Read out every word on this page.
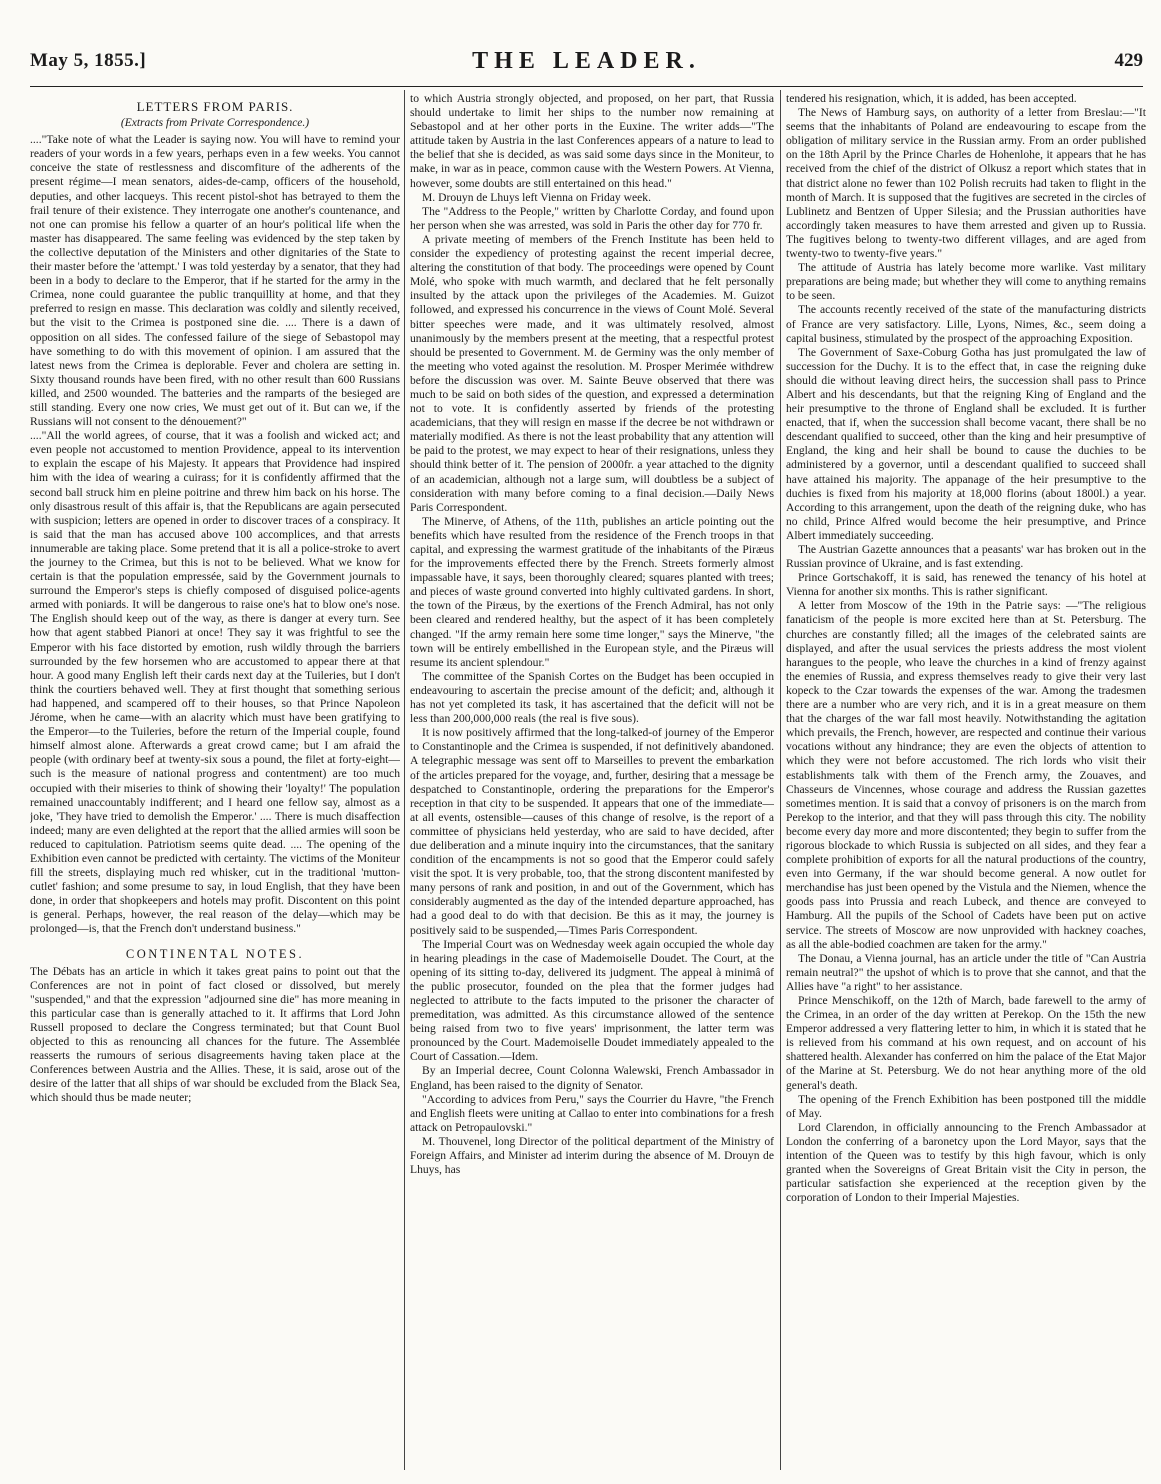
May 5, 1855.]	THE LEADER.	429
LETTERS FROM PARIS.
(Extracts from Private Correspondence.)

...."Take note of what the Leader is saying now. You will have to remind your readers of your words in a few years, perhaps even in a few weeks. You cannot conceive the state of restlessness and discomfiture of the adherents of the present régime—I mean senators, aides-de-camp, officers of the household, deputies, and other lacqueys. This recent pistol-shot has betrayed to them the frail tenure of their existence. They interrogate one another's countenance, and not one can promise his fellow a quarter of an hour's political life when the master has disappeared. The same feeling was evidenced by the step taken by the collective deputation of the Ministers and other dignitaries of the State to their master before the 'attempt.' I was told yesterday by a senator, that they had been in a body to declare to the Emperor, that if he started for the army in the Crimea, none could guarantee the public tranquillity at home, and that they preferred to resign en masse. This declaration was coldly and silently received, but the visit to the Crimea is postponed sine die. .... There is a dawn of opposition on all sides. The confessed failure of the siege of Sebastopol may have something to do with this movement of opinion. I am assured that the latest news from the Crimea is deplorable. Fever and cholera are setting in. Sixty thousand rounds have been fired, with no other result than 600 Russians killed, and 2500 wounded. The batteries and the ramparts of the besieged are still standing. Every one now cries, We must get out of it. But can we, if the Russians will not consent to the dénouement?"

...."All the world agrees, of course, that it was a foolish and wicked act; and even people not accustomed to mention Providence, appeal to its intervention to explain the escape of his Majesty. It appears that Providence had inspired him with the idea of wearing a cuirass; for it is confidently affirmed that the second ball struck him en pleine poitrine and threw him back on his horse. The only disastrous result of this affair is, that the Republicans are again persecuted with suspicion; letters are opened in order to discover traces of a conspiracy. It is said that the man has accused above 100 accomplices, and that arrests innumerable are taking place. Some pretend that it is all a police-stroke to avert the journey to the Crimea, but this is not to be believed. What we know for certain is that the population empressée, said by the Government journals to surround the Emperor's steps is chiefly composed of disguised police-agents armed with poniards. It will be dangerous to raise one's hat to blow one's nose. The English should keep out of the way, as there is danger at every turn. See how that agent stabbed Pianori at once! They say it was frightful to see the Emperor with his face distorted by emotion, rush wildly through the barriers surrounded by the few horsemen who are accustomed to appear there at that hour. A good many English left their cards next day at the Tuileries, but I don't think the courtiers behaved well. They at first thought that something serious had happened, and scampered off to their houses, so that Prince Napoleon Jérome, when he came—with an alacrity which must have been gratifying to the Emperor—to the Tuileries, before the return of the Imperial couple, found himself almost alone. Afterwards a great crowd came; but I am afraid the people (with ordinary beef at twenty-six sous a pound, the filet at forty-eight—such is the measure of national progress and contentment) are too much occupied with their miseries to think of showing their 'loyalty!' The population remained unaccountably indifferent; and I heard one fellow say, almost as a joke, 'They have tried to demolish the Emperor.' .... There is much disaffection indeed; many are even delighted at the report that the allied armies will soon be reduced to capitulation. Patriotism seems quite dead. .... The opening of the Exhibition even cannot be predicted with certainty. The victims of the Moniteur fill the streets, displaying much red whisker, cut in the traditional 'mutton-cutlet' fashion; and some presume to say, in loud English, that they have been done, in order that shopkeepers and hotels may profit. Discontent on this point is general. Perhaps, however, the real reason of the delay—which may be prolonged—is, that the French don't understand business."

CONTINENTAL NOTES.

The Débats has an article in which it takes great pains to point out that the Conferences are not in point of fact closed or dissolved, but merely "suspended," and that the expression "adjourned sine die" has more meaning in this particular case than is generally attached to it. It affirms that Lord John Russell proposed to declare the Congress terminated; but that Count Buol objected to this as renouncing all chances for the future. The Assemblée reasserts the rumours of serious disagreements having taken place at the Conferences between Austria and the Allies. These, it is said, arose out of the desire of the latter that all ships of war should be excluded from the Black Sea, which should thus be made neuter;

to which Austria strongly objected, and proposed, on her part, that Russia should undertake to limit her ships to the number now remaining at Sebastopol and at her other ports in the Euxine. The writer adds—"The attitude taken by Austria in the last Conferences appears of a nature to lead to the belief that she is decided, as was said some days since in the Moniteur, to make, in war as in peace, common cause with the Western Powers. At Vienna, however, some doubts are still entertained on this head."

M. Drouyn de Lhuys left Vienna on Friday week.

The "Address to the People," written by Charlotte Corday, and found upon her person when she was arrested, was sold in Paris the other day for 770 fr.

A private meeting of members of the French Institute has been held to consider the expediency of protesting against the recent imperial decree, altering the constitution of that body. The proceedings were opened by Count Molé, who spoke with much warmth, and declared that he felt personally insulted by the attack upon the privileges of the Academies. M. Guizot followed, and expressed his concurrence in the views of Count Molé. Several bitter speeches were made, and it was ultimately resolved, almost unanimously by the members present at the meeting, that a respectful protest should be presented to Government. M. de Germiny was the only member of the meeting who voted against the resolution. M. Prosper Merimée withdrew before the discussion was over. M. Sainte Beuve observed that there was much to be said on both sides of the question, and expressed a determination not to vote. It is confidently asserted by friends of the protesting academicians, that they will resign en masse if the decree be not withdrawn or materially modified. As there is not the least probability that any attention will be paid to the protest, we may expect to hear of their resignations, unless they should think better of it. The pension of 2000fr. a year attached to the dignity of an academician, although not a large sum, will doubtless be a subject of consideration with many before coming to a final decision.—Daily News Paris Correspondent.

The Minerve, of Athens, of the 11th, publishes an article pointing out the benefits which have resulted from the residence of the French troops in that capital, and expressing the warmest gratitude of the inhabitants of the Piræus for the improvements effected there by the French. Streets formerly almost impassable have, it says, been thoroughly cleared; squares planted with trees; and pieces of waste ground converted into highly cultivated gardens. In short, the town of the Piræus, by the exertions of the French Admiral, has not only been cleared and rendered healthy, but the aspect of it has been completely changed. "If the army remain here some time longer," says the Minerve, "the town will be entirely embellished in the European style, and the Piræus will resume its ancient splendour."

The committee of the Spanish Cortes on the Budget has been occupied in endeavouring to ascertain the precise amount of the deficit; and, although it has not yet completed its task, it has ascertained that the deficit will not be less than 200,000,000 reals (the real is five sous).

It is now positively affirmed that the long-talked-of journey of the Emperor to Constantinople and the Crimea is suspended, if not definitively abandoned. A telegraphic message was sent off to Marseilles to prevent the embarkation of the articles prepared for the voyage, and, further, desiring that a message be despatched to Constantinople, ordering the preparations for the Emperor's reception in that city to be suspended. It appears that one of the immediate—at all events, ostensible—causes of this change of resolve, is the report of a committee of physicians held yesterday, who are said to have decided, after due deliberation and a minute inquiry into the circumstances, that the sanitary condition of the encampments is not so good that the Emperor could safely visit the spot. It is very probable, too, that the strong discontent manifested by many persons of rank and position, in and out of the Government, which has considerably augmented as the day of the intended departure approached, has had a good deal to do with that decision. Be this as it may, the journey is positively said to be suspended,—Times Paris Correspondent.

The Imperial Court was on Wednesday week again occupied the whole day in hearing pleadings in the case of Mademoiselle Doudet. The Court, at the opening of its sitting to-day, delivered its judgment. The appeal à minimâ of the public prosecutor, founded on the plea that the former judges had neglected to attribute to the facts imputed to the prisoner the character of premeditation, was admitted. As this circumstance allowed of the sentence being raised from two to five years' imprisonment, the latter term was pronounced by the Court. Mademoiselle Doudet immediately appealed to the Court of Cassation.—Idem.

By an Imperial decree, Count Colonna Walewski, French Ambassador in England, has been raised to the dignity of Senator.

"According to advices from Peru," says the Courrier du Havre, "the French and English fleets were uniting at Callao to enter into combinations for a fresh attack on Petropaulovski."

M. Thouvenel, long Director of the political department of the Ministry of Foreign Affairs, and Minister ad interim during the absence of M. Drouyn de Lhuys, has

tendered his resignation, which, it is added, has been accepted.

The News of Hamburg says, on authority of a letter from Breslau:—"It seems that the inhabitants of Poland are endeavouring to escape from the obligation of military service in the Russian army. From an order published on the 18th April by the Prince Charles de Hohenlohe, it appears that he has received from the chief of the district of Olkusz a report which states that in that district alone no fewer than 102 Polish recruits had taken to flight in the month of March. It is supposed that the fugitives are secreted in the circles of Lublinetz and Bentzen of Upper Silesia; and the Prussian authorities have accordingly taken measures to have them arrested and given up to Russia. The fugitives belong to twenty-two different villages, and are aged from twenty-two to twenty-five years."

The attitude of Austria has lately become more warlike. Vast military preparations are being made; but whether they will come to anything remains to be seen.

The accounts recently received of the state of the manufacturing districts of France are very satisfactory. Lille, Lyons, Nimes, &c., seem doing a capital business, stimulated by the prospect of the approaching Exposition.

The Government of Saxe-Coburg Gotha has just promulgated the law of succession for the Duchy. It is to the effect that, in case the reigning duke should die without leaving direct heirs, the succession shall pass to Prince Albert and his descendants, but that the reigning King of England and the heir presumptive to the throne of England shall be excluded. It is further enacted, that if, when the succession shall become vacant, there shall be no descendant qualified to succeed, other than the king and heir presumptive of England, the king and heir shall be bound to cause the duchies to be administered by a governor, until a descendant qualified to succeed shall have attained his majority. The appanage of the heir presumptive to the duchies is fixed from his majority at 18,000 florins (about 1800l.) a year. According to this arrangement, upon the death of the reigning duke, who has no child, Prince Alfred would become the heir presumptive, and Prince Albert immediately succeeding.

The Austrian Gazette announces that a peasants' war has broken out in the Russian province of Ukraine, and is fast extending.

Prince Gortschakoff, it is said, has renewed the tenancy of his hotel at Vienna for another six months. This is rather significant.

A letter from Moscow of the 19th in the Patrie says: —"The religious fanaticism of the people is more excited here than at St. Petersburg. The churches are constantly filled; all the images of the celebrated saints are displayed, and after the usual services the priests address the most violent harangues to the people, who leave the churches in a kind of frenzy against the enemies of Russia, and express themselves ready to give their very last kopeck to the Czar towards the expenses of the war. Among the tradesmen there are a number who are very rich, and it is in a great measure on them that the charges of the war fall most heavily. Notwithstanding the agitation which prevails, the French, however, are respected and continue their various vocations without any hindrance; they are even the objects of attention to which they were not before accustomed. The rich lords who visit their establishments talk with them of the French army, the Zouaves, and Chasseurs de Vincennes, whose courage and address the Russian gazettes sometimes mention. It is said that a convoy of prisoners is on the march from Perekop to the interior, and that they will pass through this city. The nobility become every day more and more discontented; they begin to suffer from the rigorous blockade to which Russia is subjected on all sides, and they fear a complete prohibition of exports for all the natural productions of the country, even into Germany, if the war should become general. A now outlet for merchandise has just been opened by the Vistula and the Niemen, whence the goods pass into Prussia and reach Lubeck, and thence are conveyed to Hamburg. All the pupils of the School of Cadets have been put on active service. The streets of Moscow are now unprovided with hackney coaches, as all the able-bodied coachmen are taken for the army."

The Donau, a Vienna journal, has an article under the title of "Can Austria remain neutral?" the upshot of which is to prove that she cannot, and that the Allies have "a right" to her assistance.

Prince Menschikoff, on the 12th of March, bade farewell to the army of the Crimea, in an order of the day written at Perekop. On the 15th the new Emperor addressed a very flattering letter to him, in which it is stated that he is relieved from his command at his own request, and on account of his shattered health. Alexander has conferred on him the palace of the Etat Major of the Marine at St. Petersburg. We do not hear anything more of the old general's death.

The opening of the French Exhibition has been postponed till the middle of May.

Lord Clarendon, in officially announcing to the French Ambassador at London the conferring of a baronetcy upon the Lord Mayor, says that the intention of the Queen was to testify by this high favour, which is only granted when the Sovereigns of Great Britain visit the City in person, the particular satisfaction she experienced at the reception given by the corporation of London to their Imperial Majesties.
